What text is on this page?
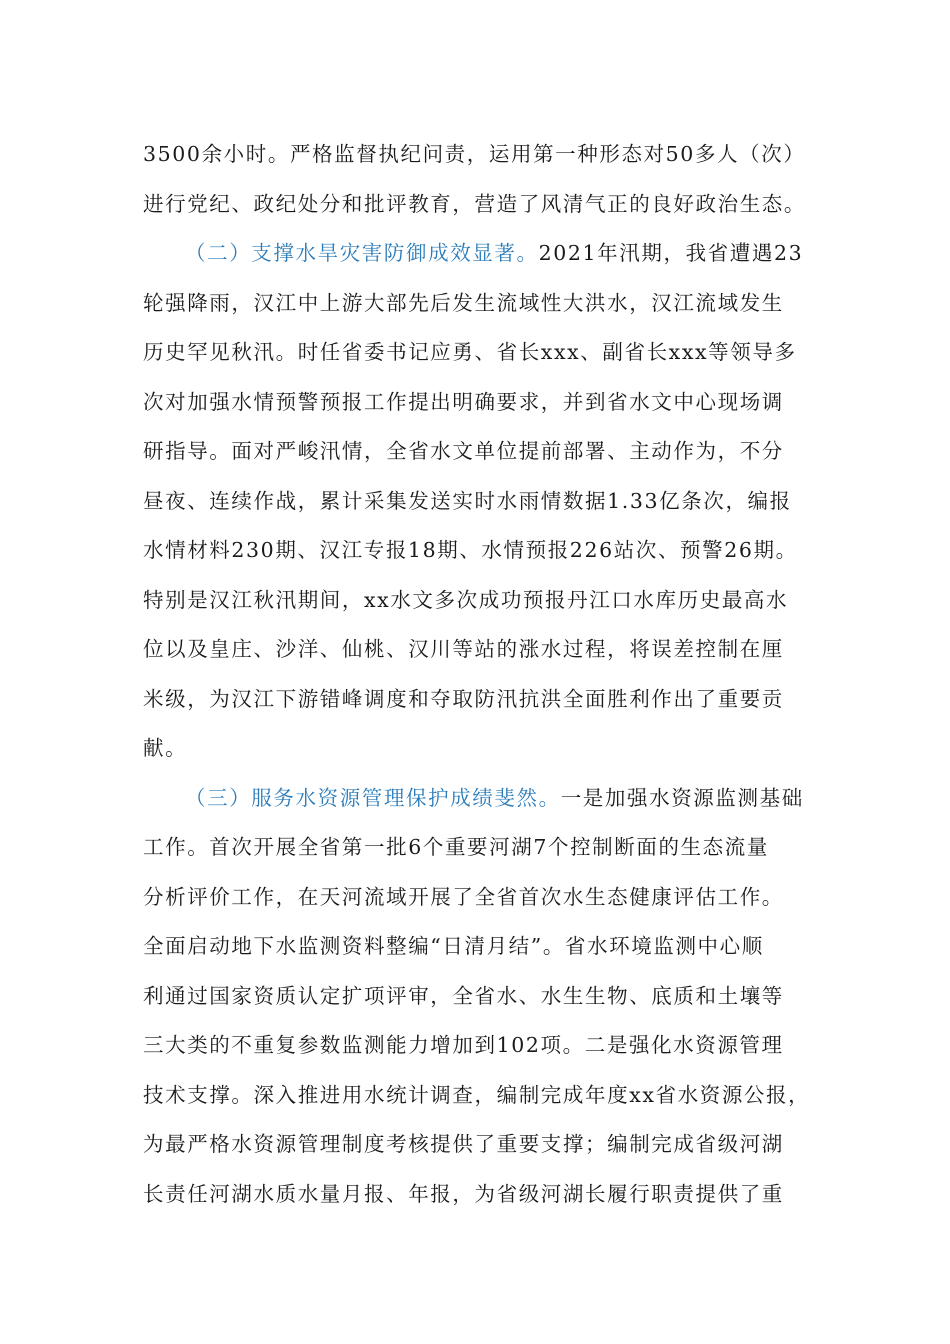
3500余小时。严格监督执纪问责，运用第一种形态对50多人（次）
进行党纪、政纪处分和批评教育，营造了风清气正的良好政治生态。
（二）支撑水旱灾害防御成效显著。2021年汛期，我省遭遇23
轮强降雨，汉江中上游大部先后发生流域性大洪水，汉江流域发生
历史罕见秋汛。时任省委书记应勇、省长xxx、副省长xxx等领导多
次对加强水情预警预报工作提出明确要求，并到省水文中心现场调
研指导。面对严峻汛情，全省水文单位提前部署、主动作为，不分
昼夜、连续作战，累计采集发送实时水雨情数据1.33亿条次，编报
水情材料230期、汉江专报18期、水情预报226站次、预警26期。
特别是汉江秋汛期间，xx水文多次成功预报丹江口水库历史最高水
位以及皇庄、沙洋、仙桃、汉川等站的涨水过程，将误差控制在厘
米级，为汉江下游错峰调度和夺取防汛抗洪全面胜利作出了重要贡
献。
（三）服务水资源管理保护成绩斐然。一是加强水资源监测基础
工作。首次开展全省第一批6个重要河湖7个控制断面的生态流量
分析评价工作，在天河流域开展了全省首次水生态健康评估工作。
全面启动地下水监测资料整编“日清月结”。省水环境监测中心顺
利通过国家资质认定扩项评审，全省水、水生生物、底质和土壤等
三大类的不重复参数监测能力增加到102项。二是强化水资源管理
技术支撑。深入推进用水统计调查，编制完成年度xx省水资源公报，
为最严格水资源管理制度考核提供了重要支撑；编制完成省级河湖
长责任河湖水质水量月报、年报，为省级河湖长履行职责提供了重
